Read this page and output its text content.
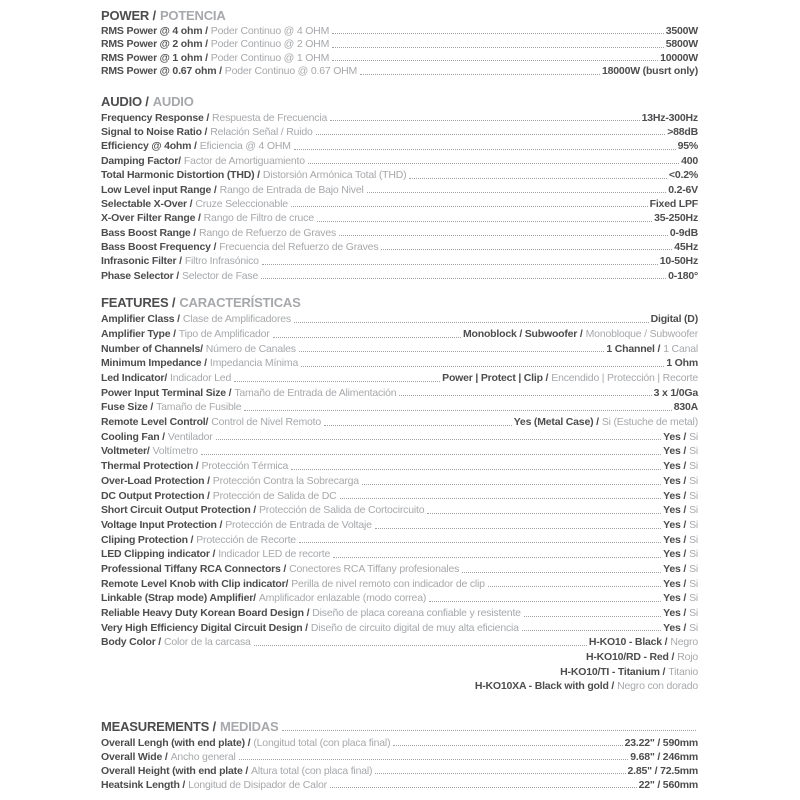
POWER / POTENCIA
RMS Power @ 4 ohm / Poder Continuo @ 4 OHM	3500W
RMS Power @ 2 ohm / Poder Continuo @ 2 OHM	5800W
RMS Power @ 1 ohm / Poder Continuo @ 1 OHM	10000W
RMS Power @ 0.67 ohm / Poder Continuo @ 0.67 OHM	18000W (busrt only)
AUDIO / AUDIO
Frequency Response / Respuesta de Frecuencia	13Hz-300Hz
Signal to Noise Ratio / Relación Señal / Ruido	>88dB
Efficiency @ 4ohm / Eficiencia @ 4 OHM	95%
Damping Factor/ Factor de Amortiguamiento	400
Total Harmonic Distortion (THD) / Distorsión Armónica Total (THD)	<0.2%
Low Level input Range / Rango de Entrada de Bajo Nivel	0.2-6V
Selectable X-Over / Cruze Seleccionable	Fixed LPF
X-Over Filter Range / Rango de Filtro de cruce	35-250Hz
Bass Boost Range / Rango de Refuerzo de Graves	0-9dB
Bass Boost Frequency / Frecuencia del Refuerzo de Graves	45Hz
Infrasonic Filter / Filtro Infrasónico	10-50Hz
Phase Selector / Selector de Fase	0-180°
FEATURES / CARACTERÍSTICAS
Amplifier Class / Clase de Amplificadores	Digital (D)
Amplifier Type / Tipo de Amplificador	Monoblock / Subwoofer / Monobloque / Subwoofer
Number of Channels/ Número de Canales	1 Channel / 1 Canal
Minimum Impedance / Impedancia Mínima	1 Ohm
Led Indicator/ Indicador Led	Power | Protect | Clip / Encendido | Protección | Recorte
Power Input Terminal Size / Tamaño de Entrada de Alimentación	3 x 1/0Ga
Fuse Size / Tamaño de Fusible	830A
Remote Level Control/ Control de Nivel Remoto	Yes (Metal Case) / Si (Estuche de metal)
Cooling Fan / Ventilador	Yes / Si
Voltmeter/ Voltímetro	Yes / Si
Thermal Protection / Protección Térmica	Yes / Si
Over-Load Protection / Protección Contra la Sobrecarga	Yes / Si
DC Output Protection / Protección de Salida de DC	Yes / Si
Short Circuit Output Protection / Protección de Salida de Cortocircuito	Yes / Si
Voltage Input Protection / Protección de Entrada de Voltaje	Yes / Si
Cliping Protection / Protección de Recorte	Yes / Si
LED Clipping indicator / Indicador LED de recorte	Yes / Si
Professional Tiffany RCA Connectors / Conectores RCA Tiffany profesionales	Yes / Si
Remote Level Knob with Clip indicator/ Perilla de nivel remoto con indicador de clip	Yes / Si
Linkable (Strap mode) Amplifier/ Amplificador enlazable (modo correa)	Yes / Si
Reliable Heavy Duty Korean Board Design / Diseño de placa coreana confiable y resistente	Yes / Si
Very High Efficiency Digital Circuit Design / Diseño de circuito digital de muy alta eficiencia	Yes / Si
Body Color / Color de la carcasa	H-KO10 - Black / Negro
H-KO10/RD - Red / Rojo
H-KO10/TI - Titanium / Titanio
H-KO10XA - Black with gold / Negro con dorado
MEASUREMENTS / MEDIDAS
Overall Lengh (with end plate) / (Longitud total (con placa final)	23.22" / 590mm
Overall Wide / Ancho general	9.68" / 246mm
Overall Height (with end plate / Altura total (con placa final)	2.85" / 72.5mm
Heatsink Length / Longitud de Disipador de Calor	22" / 560mm
